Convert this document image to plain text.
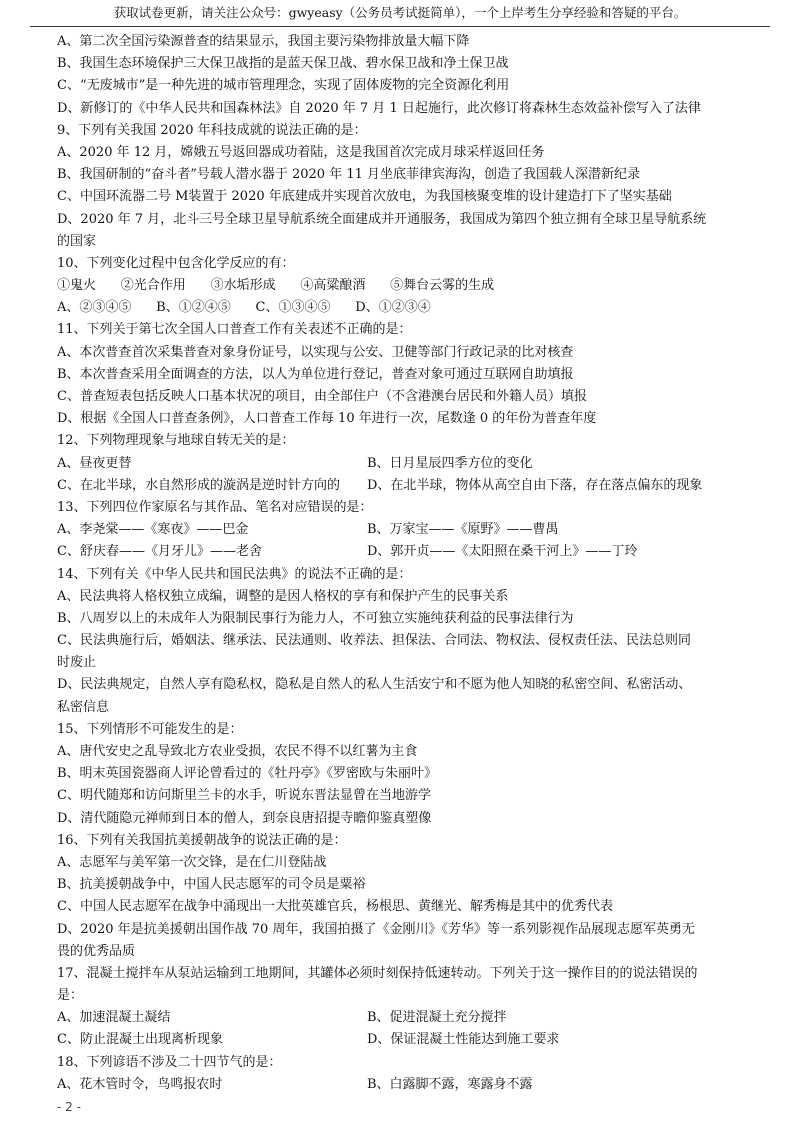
获取试卷更新，请关注公众号：gwyeasy（公务员考试挺简单），一个上岸考生分享经验和答疑的平台。
A、第二次全国污染源普查的结果显示，我国主要污染物排放量大幅下降
B、我国生态环境保护三大保卫战指的是蓝天保卫战、碧水保卫战和净土保卫战
C、“无废城市”是一种先进的城市管理理念，实现了固体废物的完全资源化利用
D、新修订的《中华人民共和国森林法》自 2020 年 7 月 1 日起施行，此次修订将森林生态效益补偿写入了法律
9、下列有关我国 2020 年科技成就的说法正确的是：
A、2020 年 12 月，嫦娥五号返回器成功着陆，这是我国首次完成月球采样返回任务
B、我国研制的“奋斗者”号载人潜水器于 2020 年 11 月坐底菲律宾海沟，创造了我国载人深潜新纪录
C、中国环流器二号 M装置于 2020 年底建成并实现首次放电，为我国核聚变堆的设计建造打下了坚实基础
D、2020 年 7 月，北斗三号全球卫星导航系统全面建成并开通服务，我国成为第四个独立拥有全球卫星导航系统
的国家
10、下列变化过程中包含化学反应的有：
①鬼火      ②光合作用      ③水垢形成      ④高粱酿酒      ⑤舞台云雾的生成
A、②③④⑤      B、①②④⑤      C、①③④⑤      D、①②③④
11、下列关于第七次全国人口普查工作有关表述不正确的是：
A、本次普查首次采集普查对象身份证号，以实现与公安、卫健等部门行政记录的比对核查
B、本次普查采用全面调查的方法，以人为单位进行登记，普查对象可通过互联网自助填报
C、普查短表包括反映人口基本状况的项目，由全部住户（不含港澳台居民和外籍人员）填报
D、根据《全国人口普查条例》，人口普查工作每 10 年进行一次，尾数逢 0 的年份为普查年度
12、下列物理现象与地球自转无关的是：
A、昼夜更替	B、日月星辰四季方位的变化
C、在北半球，水自然形成的漩涡是逆时针方向的	D、在北半球，物体从高空自由下落，存在落点偏东的现象
13、下列四位作家原名与其作品、笔名对应错误的是：
A、李尧棠——《寒夜》——巴金	B、万家宝——《原野》——曹禺
C、舒庆春——《月牙儿》——老舍	D、郭开贞——《太阳照在桑干河上》——丁玲
14、下列有关《中华人民共和国民法典》的说法不正确的是：
A、民法典将人格权独立成编，调整的是因人格权的享有和保护产生的民事关系
B、八周岁以上的未成年人为限制民事行为能力人，不可独立实施纯获利益的民事法律行为
C、民法典施行后，婚姻法、继承法、民法通则、收养法、担保法、合同法、物权法、侵权责任法、民法总则同
时废止
D、民法典规定，自然人享有隐私权，隐私是自然人的私人生活安宁和不愿为他人知晓的私密空间、私密活动、
私密信息
15、下列情形不可能发生的是：
A、唐代安史之乱导致北方农业受损，农民不得不以红薯为主食
B、明末英国瓷器商人评论曾看过的《牡丹亭》《罗密欧与朱丽叶》
C、明代随郑和访问斯里兰卡的水手，听说东晋法显曾在当地游学
D、清代随隐元禅师到日本的僧人，到奈良唐招提寺瞻仰鉴真塑像
16、下列有关我国抗美援朝战争的说法正确的是：
A、志愿军与美军第一次交锋，是在仁川登陆战
B、抗美援朝战争中，中国人民志愿军的司令员是粟裕
C、中国人民志愿军在战争中涌现出一大批英雄官兵，杨根思、黄继光、解秀梅是其中的优秀代表
D、2020 年是抗美援朝出国作战 70 周年，我国拍摄了《金刚川》《芳华》等一系列影视作品展现志愿军英勇无
畏的优秀品质
17、混凝土搅拌车从泵站运输到工地期间，其罐体必须时刻保持低速转动。下列关于这一操作目的的说法错误的
是：
A、加速混凝土凝结	B、促进混凝土充分搅拌
C、防止混凝土出现离析现象	D、保证混凝土性能达到施工要求
18、下列谚语不涉及二十四节气的是：
A、花木管时令，鸟鸣报农时	B、白露脚不露，寒露身不露
- 2 -
